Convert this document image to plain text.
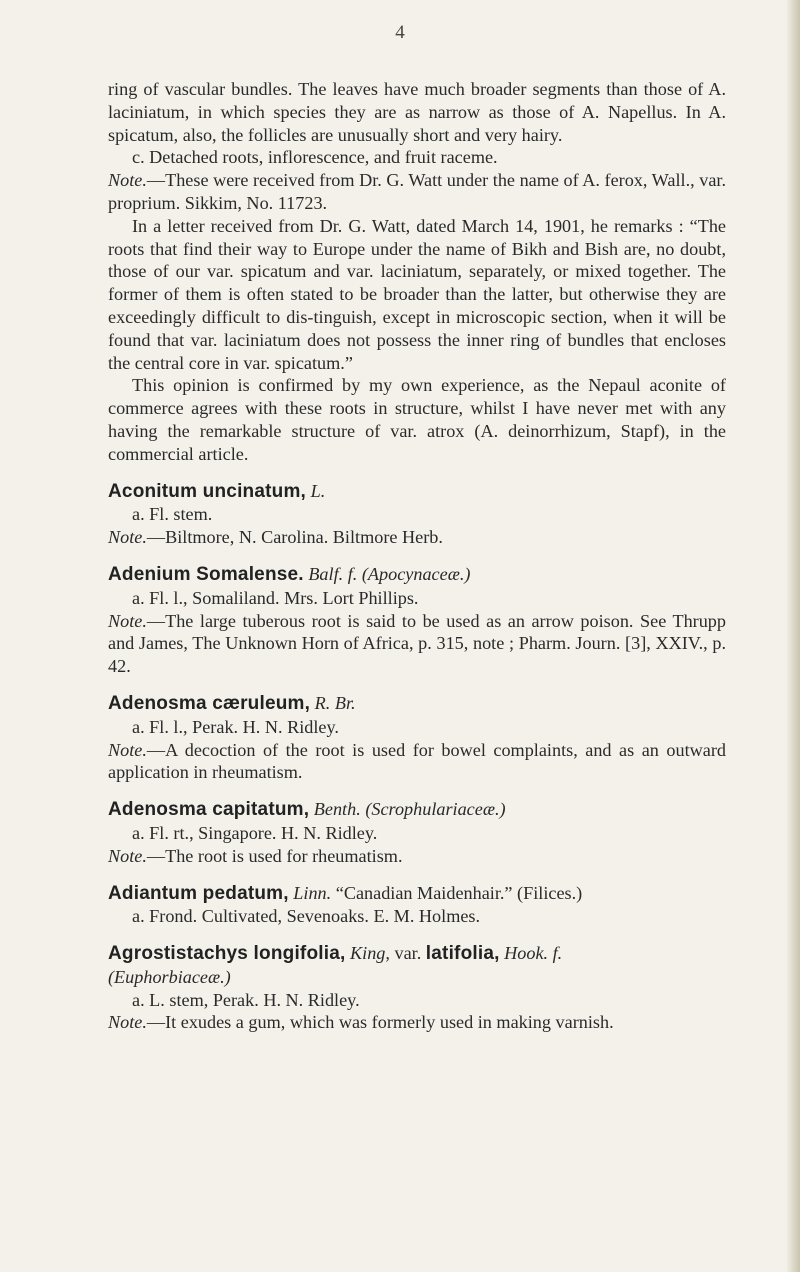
4

ring of vascular bundles. The leaves have much broader segments than those of A. laciniatum, in which species they are as narrow as those of A. Napellus. In A. spicatum, also, the follicles are unusually short and very hairy.

c. Detached roots, inflorescence, and fruit raceme.

Note.—These were received from Dr. G. Watt under the name of A. ferox, Wall., var. proprium. Sikkim, No. 11723.

In a letter received from Dr. G. Watt, dated March 14, 1901, he remarks : “The roots that find their way to Europe under the name of Bikh and Bish are, no doubt, those of our var. spicatum and var. laciniatum, separately, or mixed together. The former of them is often stated to be broader than the latter, but otherwise they are exceedingly difficult to dis-tinguish, except in microscopic section, when it will be found that var. laciniatum does not possess the inner ring of bundles that encloses the central core in var. spicatum.”

This opinion is confirmed by my own experience, as the Nepaul aconite of commerce agrees with these roots in structure, whilst I have never met with any having the remarkable structure of var. atrox (A. deinorrhizum, Stapf), in the commercial article.

Aconitum uncinatum, L.

a. Fl. stem.

Note.—Biltmore, N. Carolina. Biltmore Herb.

Adenium Somalense. Balf. f. (Apocynaceæ.)

a. Fl. l., Somaliland. Mrs. Lort Phillips.

Note.—The large tuberous root is said to be used as an arrow poison. See Thrupp and James, The Unknown Horn of Africa, p. 315, note ; Pharm. Journ. [3], XXIV., p. 42.

Adenosma cæruleum, R. Br.

a. Fl. l., Perak. H. N. Ridley.

Note.—A decoction of the root is used for bowel complaints, and as an outward application in rheumatism.

Adenosma capitatum, Benth. (Scrophulariaceæ.)

a. Fl. rt., Singapore. H. N. Ridley.

Note.—The root is used for rheumatism.

Adiantum pedatum, Linn. “Canadian Maidenhair.” (Filices.)

a. Frond. Cultivated, Sevenoaks. E. M. Holmes.

Agrostistachys longifolia, King, var. latifolia, Hook. f.

(Euphorbiaceæ.)

a. L. stem, Perak. H. N. Ridley.

Note.—It exudes a gum, which was formerly used in making varnish.
